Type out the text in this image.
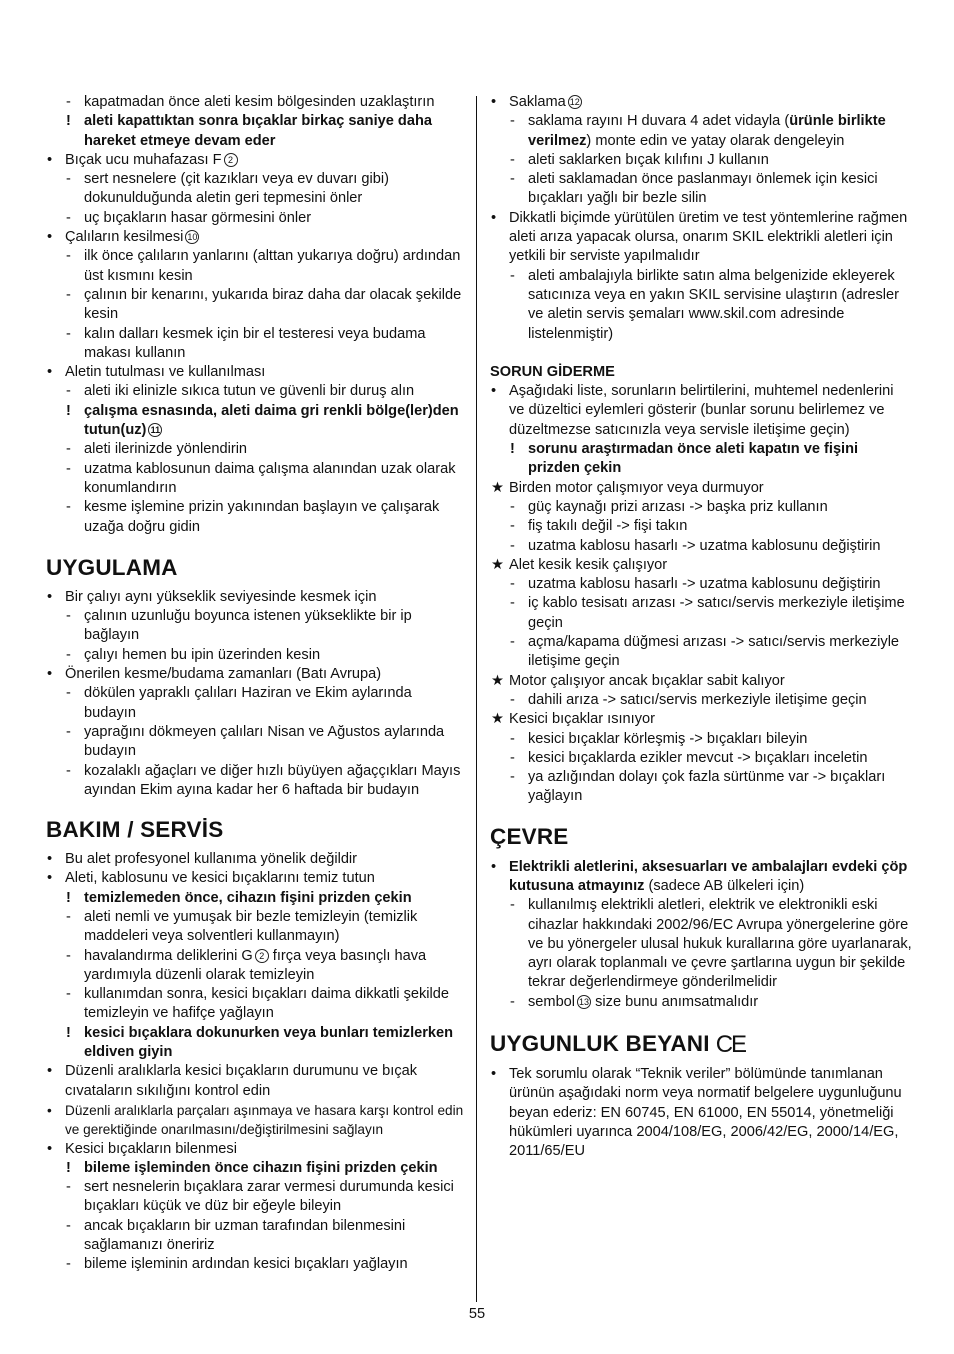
- kapatmadan önce aleti kesim bölgesinden uzaklaştırın
! aleti kapattıktan sonra bıçaklar birkaç saniye daha hareket etmeye devam eder
• Bıçak ucu muhafazası F 2
- sert nesnelere (çit kazıkları veya ev duvarı gibi) dokunulduğunda aletin geri tepmesini önler
- uç bıçakların hasar görmesini önler
• Çalıların kesilmesi 10
- ilk önce çalıların yanlarını (alttan yukarıya doğru) ardından üst kısmını kesin
- çalının bir kenarını, yukarıda biraz daha dar olacak şekilde kesin
- kalın dalları kesmek için bir el testeresi veya budama makası kullanın
• Aletin tutulması ve kullanılması
- aleti iki elinizle sıkıca tutun ve güvenli bir duruş alın
! çalışma esnasında, aleti daima gri renkli bölge(ler)den tutun(uz) 11
- aleti ilerinizde yönlendirin
- uzatma kablosunun daima çalışma alanından uzak olarak konumlandırın
- kesme işlemine prizin yakınından başlayın ve çalışarak uzağa doğru gidin
UYGULAMA
• Bir çalıyı aynı yükseklik seviyesinde kesmek için
- çalının uzunluğu boyunca istenen yükseklikte bir ip bağlayın
- çalıyı hemen bu ipin üzerinden kesin
• Önerilen kesme/budama zamanları (Batı Avrupa)
- dökülen yapraklı çalıları Haziran ve Ekim aylarında budayın
- yaprağını dökmeyen çalıları Nisan ve Ağustos aylarında budayın
- kozalaklı ağaçları ve diğer hızlı büyüyen ağaççıkları Mayıs ayından Ekim ayına kadar her 6 haftada bir budayın
BAKIM / SERVİS
• Bu alet profesyonel kullanıma yönelik değildir
• Aleti, kablosunu ve kesici bıçaklarını temiz tutun
! temizlemeden önce, cihazın fişini prizden çekin
- aleti nemli ve yumuşak bir bezle temizleyin (temizlik maddeleri veya solventleri kullanmayın)
- havalandırma deliklerini G 2 fırça veya basınçlı hava yardımıyla düzenli olarak temizleyin
- kullanımdan sonra, kesici bıçakları daima dikkatli şekilde temizleyin ve hafifçe yağlayın
! kesici bıçaklara dokunurken veya bunları temizlerken eldiven giyin
• Düzenli aralıklarla kesici bıçakların durumunu ve bıçak cıvataların sıkılığını kontrol edin
• Düzenli aralıklarla parçaları aşınmaya ve hasara karşı kontrol edin ve gerektiğinde onarılmasını/değiştirilmesini sağlayın
• Kesici bıçakların bilenmesi
! bileme işleminden önce cihazın fişini prizden çekin
- sert nesnelerin bıçaklara zarar vermesi durumunda kesici bıçakları küçük ve düz bir eğeyle bileyin
- ancak bıçakların bir uzman tarafından bilenmesini sağlamanızı öneririz
- bileme işleminin ardından kesici bıçakları yağlayın
• Saklama 12
- saklama rayını H duvara 4 adet vidayla (ürünle birlikte verilmez) monte edin ve yatay olarak dengeleyin
- aleti saklarken bıçak kılıfını J kullanın
- aleti saklamadan önce paslanmayı önlemek için kesici bıçakları yağlı bir bezle silin
• Dikkatli biçimde yürütülen üretim ve test yöntemlerine rağmen aleti arıza yapacak olursa, onarım SKIL elektrikli aletleri için yetkili bir serviste yapılmalıdır
- aleti ambalajıyla birlikte satın alma belgenizide ekleyerek satıcınıza veya en yakın SKIL servisine ulaştırın (adresler ve aletin servis şemaları www.skil.com adresinde listelenmiştir)
SORUN GİDERME
• Aşağıdaki liste, sorunların belirtilerini, muhtemel nedenlerini ve düzeltici eylemleri gösterir (bunlar sorunu belirlemez ve düzeltmezse satıcınızla veya servisle iletişime geçin)
! sorunu araştırmadan önce aleti kapatın ve fişini prizden çekin
★ Birden motor çalışmıyor veya durmuyor
- güç kaynağı prizi arızası -> başka priz kullanın
- fiş takılı değil -> fişi takın
- uzatma kablosu hasarlı -> uzatma kablosunu değiştirin
★ Alet kesik kesik çalışıyor
- uzatma kablosu hasarlı -> uzatma kablosunu değiştirin
- iç kablo tesisatı arızası -> satıcı/servis merkeziyle iletişime geçin
- açma/kapama düğmesi arızası -> satıcı/servis merkeziyle iletişime geçin
★ Motor çalışıyor ancak bıçaklar sabit kalıyor
- dahili arıza -> satıcı/servis merkeziyle iletişime geçin
★ Kesici bıçaklar ısınıyor
- kesici bıçaklar körleşmiş -> bıçakları bileyin
- kesici bıçaklarda ezikler mevcut -> bıçakları inceletin
- ya azlığından dolayı çok fazla sürtünme var -> bıçakları yağlayın
ÇEVRE
• Elektrikli aletlerini, aksesuarları ve ambalajları evdeki çöp kutusuna atmayınız (sadece AB ülkeleri için)
- kullanılmış elektrikli aletleri, elektrik ve elektronikli eski cihazlar hakkındaki 2002/96/EC Avrupa yönergelerine göre ve bu yönergeler ulusal hukuk kurallarına göre uyarlanarak, ayrı olarak toplanmalı ve çevre şartlarına uygun bir şekilde tekrar değerlendirmeye gönderilmelidir
- sembol 13 size bunu anımsatmalıdır
UYGUNLUK BEYANI CE
• Tek sorumlu olarak “Teknik veriler” bölümünde tanımlanan ürünün aşağıdaki norm veya normatif belgelere uygunluğunu beyan ederiz: EN 60745, EN 61000, EN 55014, yönetmeliği hükümleri uyarınca 2004/108/EG, 2006/42/EG, 2000/14/EG, 2011/65/EU
55
